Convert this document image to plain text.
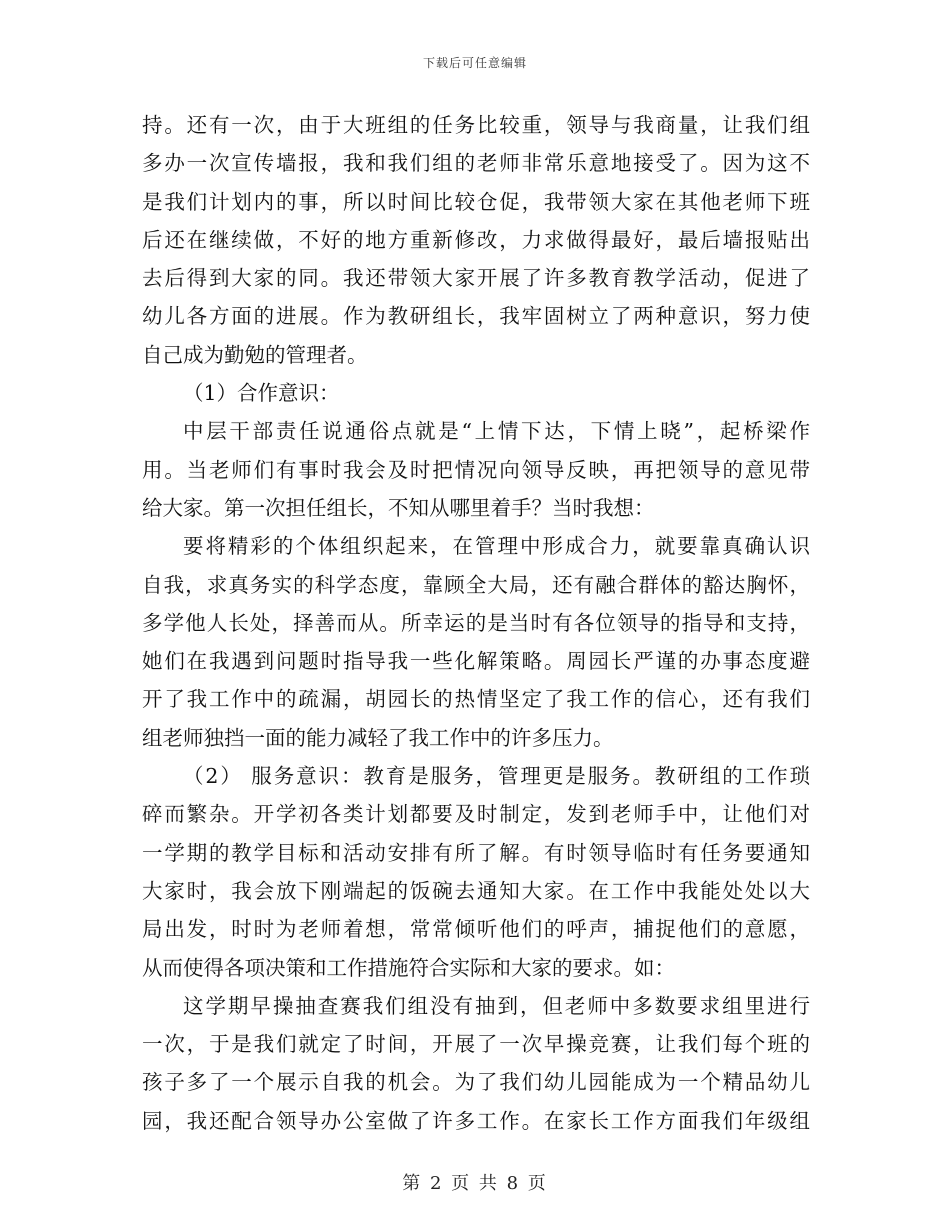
下载后可任意编辑
持。还有一次，由于大班组的任务比较重，领导与我商量，让我们组
多办一次宣传墙报，我和我们组的老师非常乐意地接受了。因为这不
是我们计划内的事，所以时间比较仓促，我带领大家在其他老师下班
后还在继续做，不好的地方重新修改，力求做得最好，最后墙报贴出
去后得到大家的同。我还带领大家开展了许多教育教学活动，促进了
幼儿各方面的进展。作为教研组长，我牢固树立了两种意识，努力使
自己成为勤勉的管理者。
（1）合作意识：
中层干部责任说通俗点就是“上情下达，下情上晓”，起桥梁作
用。当老师们有事时我会及时把情况向领导反映，再把领导的意见带
给大家。第一次担任组长，不知从哪里着手？当时我想：
要将精彩的个体组织起来，在管理中形成合力，就要靠真确认识
自我，求真务实的科学态度，靠顾全大局，还有融合群体的豁达胸怀，
多学他人长处，择善而从。所幸运的是当时有各位领导的指导和支持，
她们在我遇到问题时指导我一些化解策略。周园长严谨的办事态度避
开了我工作中的疏漏，胡园长的热情坚定了我工作的信心，还有我们
组老师独挡一面的能力减轻了我工作中的许多压力。
（2） 服务意识：教育是服务，管理更是服务。教研组的工作琐
碎而繁杂。开学初各类计划都要及时制定，发到老师手中，让他们对
一学期的教学目标和活动安排有所了解。有时领导临时有任务要通知
大家时，我会放下刚端起的饭碗去通知大家。在工作中我能处处以大
局出发，时时为老师着想，常常倾听他们的呼声，捕捉他们的意愿，
从而使得各项决策和工作措施符合实际和大家的要求。如：
这学期早操抽查赛我们组没有抽到，但老师中多数要求组里进行
一次，于是我们就定了时间，开展了一次早操竞赛，让我们每个班的
孩子多了一个展示自我的机会。为了我们幼儿园能成为一个精品幼儿
园，我还配合领导办公室做了许多工作。在家长工作方面我们年级组
第 2 页 共 8 页
